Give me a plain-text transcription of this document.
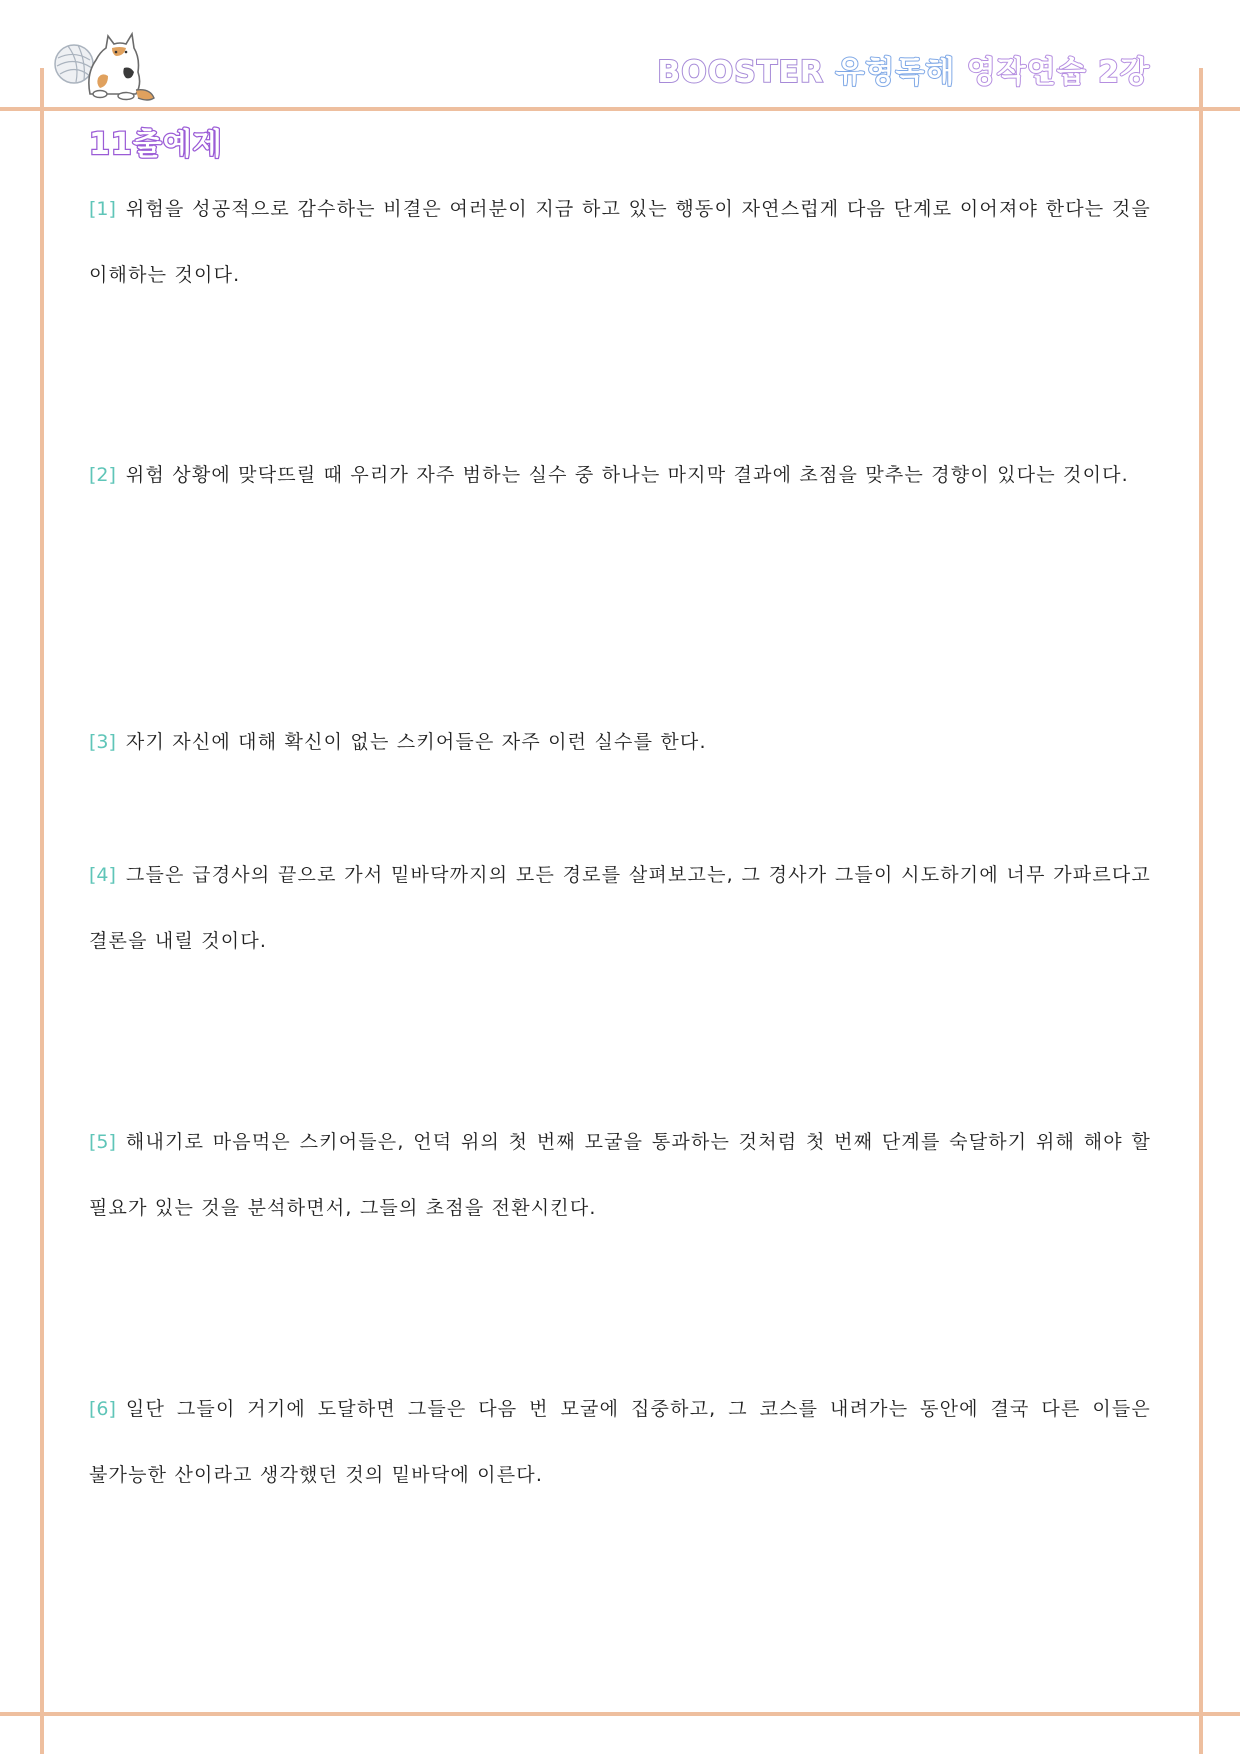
BOOSTER 유형독해 영작연습 2강
11출예제
[1] 위험을 성공적으로 감수하는 비결은 여러분이 지금 하고 있는 행동이 자연스럽게 다음 단계로 이어져야 한다는 것을 이해하는 것이다.
[2] 위험 상황에 맞닥뜨릴 때 우리가 자주 범하는 실수 중 하나는 마지막 결과에 초점을 맞추는 경향이 있다는 것이다.
[3] 자기 자신에 대해 확신이 없는 스키어들은 자주 이런 실수를 한다.
[4] 그들은 급경사의 끝으로 가서 밑바닥까지의 모든 경로를 살펴보고는, 그 경사가 그들이 시도하기에 너무 가파르다고 결론을 내릴 것이다.
[5] 해내기로 마음먹은 스키어들은, 언덕 위의 첫 번째 모굴을 통과하는 것처럼 첫 번째 단계를 숙달하기 위해 해야 할 필요가 있는 것을 분석하면서, 그들의 초점을 전환시킨다.
[6] 일단 그들이 거기에 도달하면 그들은 다음 번 모굴에 집중하고, 그 코스를 내려가는 동안에 결국 다른 이들은 불가능한 산이라고 생각했던 것의 밑바닥에 이른다.
